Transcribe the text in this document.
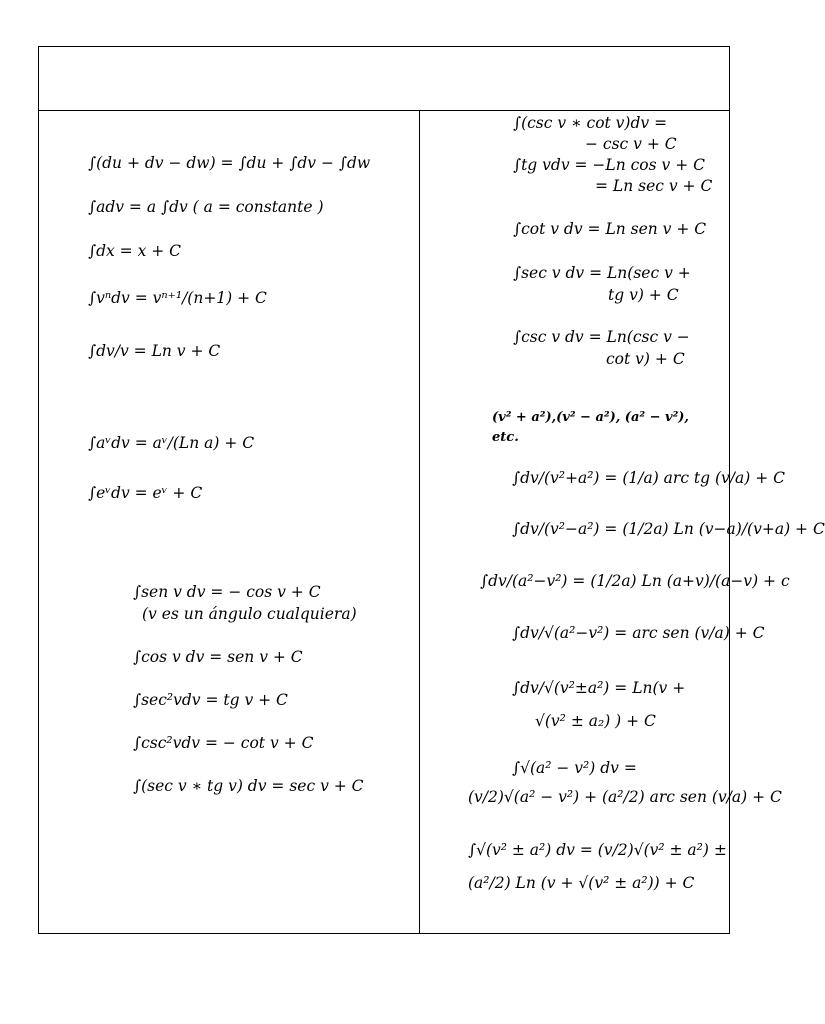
∫(du + dv − dw) = ∫du + ∫dv − ∫dw
∫adv = a ∫dv ( a = constante )
∫dx = x + C
∫vⁿdv = vⁿ⁺¹/(n+1) + C
∫dv/v = Ln v + C
∫aᵛdv = aᵛ/(Ln a) + C
∫eᵛdv = eᵛ + C
∫sen v dv = − cos v + C
(v es un ángulo cualquiera)
∫cos v dv = sen v + C
∫sec²vdv = tg v + C
∫csc²vdv = − cot v + C
∫(sec v ∗ tg v) dv = sec v + C
∫(csc v ∗ cot v)dv =
− csc v + C
∫tg vdv = −Ln cos v + C
= Ln sec v + C
∫cot v dv = Ln sen v + C
∫sec v dv = Ln(sec v +
tg v) + C
∫csc v dv = Ln(csc v −
cot v) + C
(v² + a²),(v² − a²), (a² − v²),
etc.
∫dv/(v²+a²) = (1/a) arc tg (v/a) + C
∫dv/(v²−a²) = (1/2a) Ln (v−a)/(v+a) + C
∫dv/(a²−v²) = (1/2a) Ln (a+v)/(a−v) + c
∫dv/√(a²−v²) = arc sen (v/a) + C
∫dv/√(v²±a²) = Ln(v +
√(v² ± a₂) ) + C
∫√(a² − v²) dv =
(v/2)√(a² − v²) + (a²/2) arc sen (v/a) + C
∫√(v² ± a²) dv = (v/2)√(v² ± a²) ±
(a²/2) Ln (v + √(v² ± a²)) + C
